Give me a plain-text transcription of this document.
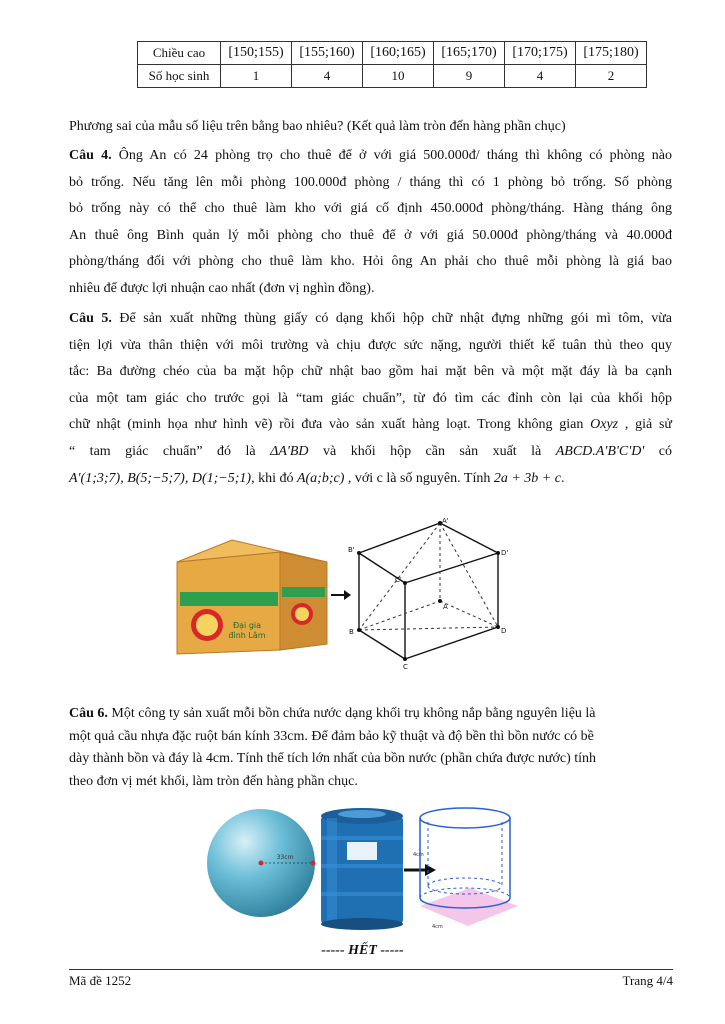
Chiều cao	[150;155)	[155;160)	[160;165)	[165;170)	[170;175)	[175;180)
Số học sinh	1	4	10	9	4	2
Phương sai của mẫu số liệu trên bằng bao nhiêu? (Kết quả làm tròn đến hàng phần chục)
Câu 4. Ông An có 24 phòng trọ cho thuê để ở với giá 500.000đ/ tháng thì không có phòng nào
bỏ trống. Nếu tăng lên mỗi phòng 100.000đ phòng / tháng thì có 1 phòng bỏ trống. Số phòng
bỏ trống này có thể cho thuê làm kho với giá cố định 450.000đ phòng/tháng. Hàng tháng ông
An thuê ông Bình quản lý mỗi phòng cho thuê để ở với giá 50.000đ phòng/tháng và 40.000đ
phòng/tháng đối với phòng cho thuê làm kho. Hỏi ông An phải cho thuê mỗi phòng là giá bao
nhiêu để được lợi nhuận cao nhất (đơn vị nghìn đồng).
Câu 5. Để sản xuất những thùng giấy có dạng khối hộp chữ nhật đựng những gói mì tôm, vừa
tiện lợi vừa thân thiện với môi trường và chịu được sức nặng, người thiết kế tuân thủ theo quy
tắc: Ba đường chéo của ba mặt hộp chữ nhật bao gồm hai mặt bên và một mặt đáy là ba cạnh
của một tam giác cho trước gọi là “tam giác chuẩn”, từ đó tìm các đỉnh còn lại của khối hộp
chữ nhật (minh họa như hình vẽ) rồi đưa vào sản xuất hàng loạt. Trong không gian Oxyz , giả sử
“ tam giác chuẩn” đó là ΔA'BD và khối hộp cần sản xuất là ABCD.A'B'C'D' có
A'(1;3;7), B(5;−5;7), D(1;−5;1), khi đó A(a;b;c) , với c là số nguyên. Tính 2a + 3b + c.
Đại gia
đình Lâm
A'
B'	D'
C'
A
B	D
C
Câu 6. Một công ty sản xuất mỗi bồn chứa nước dạng khối trụ không nắp bằng nguyên liệu là
một quả cầu nhựa đặc ruột bán kính 33cm. Để đảm bảo kỹ thuật và độ bền thì bồn nước có bề
dày thành bồn và đáy là 4cm. Tính thể tích lớn nhất của bồn nước (phần chứa được nước) tính
theo đơn vị mét khối, làm tròn đến hàng phần chục.
33cm	4cm
4cm
----- HẾT -----
Mã đề 1252	Trang 4/4
